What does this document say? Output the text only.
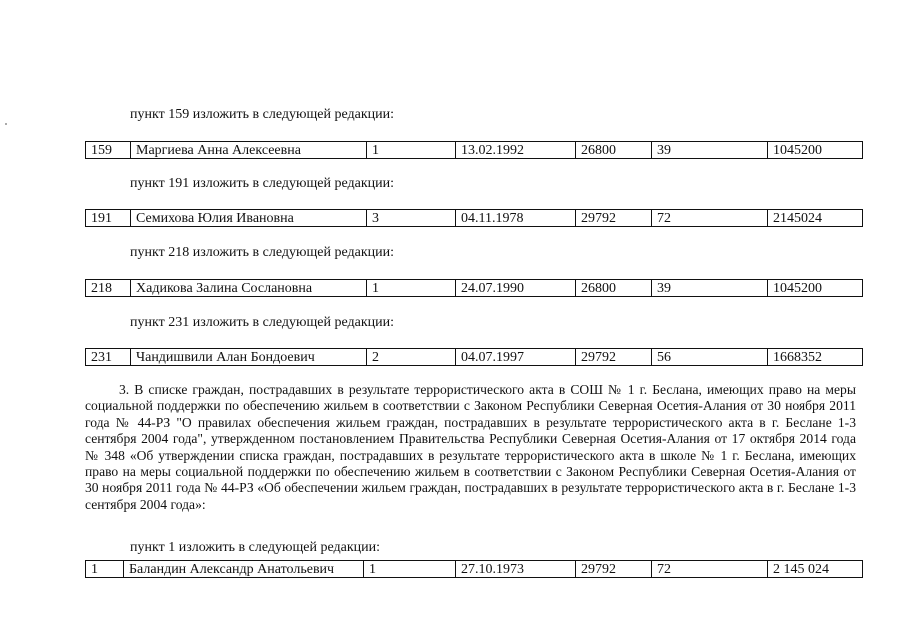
пункт 159 изложить в следующей редакции:
159	Маргиева Анна Алексеевна	1	13.02.1992	26800	39	1045200
пункт 191 изложить в следующей редакции:
191	Семихова Юлия Ивановна	3	04.11.1978	29792	72	2145024
пункт 218 изложить в следующей редакции:
218	Хадикова Залина Сослановна	1	24.07.1990	26800	39	1045200
пункт 231 изложить в следующей редакции:
231	Чандишвили Алан Бондоевич	2	04.07.1997	29792	56	1668352

3. В списке граждан, пострадавших в результате террористического акта в СОШ № 1 г. Беслана, имеющих право на меры социальной поддержки по обеспечению жильем в соответствии с Законом Республики Северная Осетия-Алания от 30 ноября 2011 года № 44-РЗ "О правилах обеспечения жильем граждан, пострадавших в результате террористического акта в г. Беслане 1-3 сентября 2004 года", утвержденном постановлением Правительства Республики Северная Осетия-Алания от 17 октября 2014 года № 348 «Об утверждении списка граждан, пострадавших в результате террористического акта в школе № 1 г. Беслана, имеющих право на меры социальной поддержки по обеспечению жильем в соответствии с Законом Республики Северная Осетия-Алания от 30 ноября 2011 года № 44-РЗ «Об обеспечении жильем граждан, пострадавших в результате террористического акта в г. Беслане 1-3 сентября 2004 года»:

пункт 1 изложить в следующей редакции:
1	Баландин Александр Анатольевич	1	27.10.1973	29792	72	2 145 024
